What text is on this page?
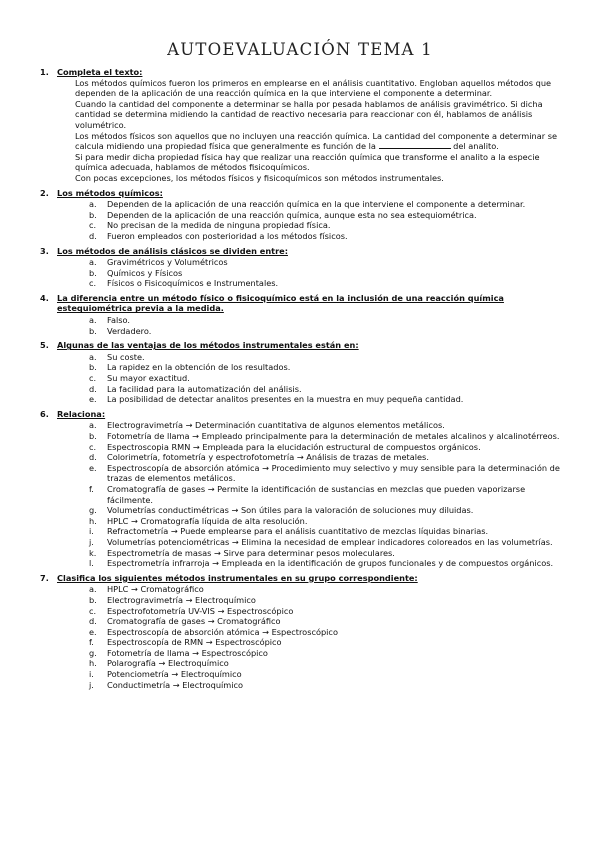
AUTOEVALUACIÓN TEMA 1
1. Completa el texto:
Los métodos químicos fueron los primeros en emplearse en el análisis cuantitativo. Engloban aquellos métodos que dependen de la aplicación de una reacción química en la que interviene el componente a determinar.
Cuando la cantidad del componente a determinar se halla por pesada hablamos de análisis gravimétrico. Si dicha cantidad se determina midiendo la cantidad de reactivo necesaria para reaccionar con él, hablamos de análisis volumétrico.
Los métodos físicos son aquellos que no incluyen una reacción química. La cantidad del componente a determinar se calcula midiendo una propiedad física que generalmente es función de la	del analito.
Si para medir dicha propiedad física hay que realizar una reacción química que transforme el analito a la especie química adecuada, hablamos de métodos fisicoquímicos.
Con pocas excepciones, los métodos físicos y fisicoquímicos son métodos instrumentales.
2. Los métodos químicos:
a.	Dependen de la aplicación de una reacción química en la que interviene el componente a determinar.
b.	Dependen de la aplicación de una reacción química, aunque esta no sea estequiométrica.
c.	No precisan de la medida de ninguna propiedad física.
d.	Fueron empleados con posterioridad a los métodos físicos.
3. Los métodos de análisis clásicos se dividen entre:
a.	Gravimétricos y Volumétricos
b.	Químicos y Físicos
c.	Físicos o Fisicoquímicos e Instrumentales.
4. La diferencia entre un método físico o fisicoquímico está en la inclusión de una reacción química estequiométrica previa a la medida.
a.	Falso.
b.	Verdadero.
5. Algunas de las ventajas de los métodos instrumentales están en:
a.	Su coste.
b.	La rapidez en la obtención de los resultados.
c.	Su mayor exactitud.
d.	La facilidad para la automatización del análisis.
e.	La posibilidad de detectar analitos presentes en la muestra en muy pequeña cantidad.
6. Relaciona:
a.	Electrogravimetría → Determinación cuantitativa de algunos elementos metálicos.
b.	Fotometría de llama → Empleado principalmente para la determinación de metales alcalinos y alcalinotérreos.
c.	Espectroscopia RMN → Empleada para la elucidación estructural de compuestos orgánicos.
d.	Colorimetría, fotometría y espectrofotometría → Análisis de trazas de metales.
e.	Espectroscopía de absorción atómica → Procedimiento muy selectivo y muy sensible para la determinación de trazas de elementos metálicos.
f.	Cromatografía de gases → Permite la identificación de sustancias en mezclas que pueden vaporizarse fácilmente.
g.	Volumetrías conductimétricas → Son útiles para la valoración de soluciones muy diluidas.
h.	HPLC → Cromatografía líquida de alta resolución.
i.	Refractometría → Puede emplearse para el análisis cuantitativo de mezclas líquidas binarias.
j.	Volumetrías potenciométricas → Elimina la necesidad de emplear indicadores coloreados en las volumetrías.
k.	Espectrometría de masas → Sirve para determinar pesos moleculares.
l.	Espectrometría infrarroja → Empleada en la identificación de grupos funcionales y de compuestos orgánicos.
7. Clasifica los siguientes métodos instrumentales en su grupo correspondiente:
a.	HPLC → Cromatográfico
b.	Electrogravimetría → Electroquímico
c.	Espectrofotometría UV-VIS → Espectroscópico
d.	Cromatografía de gases → Cromatográfico
e.	Espectroscopía de absorción atómica → Espectroscópico
f.	Espectroscopía de RMN → Espectroscópico
g.	Fotometría de llama → Espectroscópico
h.	Polarografía → Electroquímico
i.	Potenciometría → Electroquímico
j.	Conductimetría → Electroquímico
